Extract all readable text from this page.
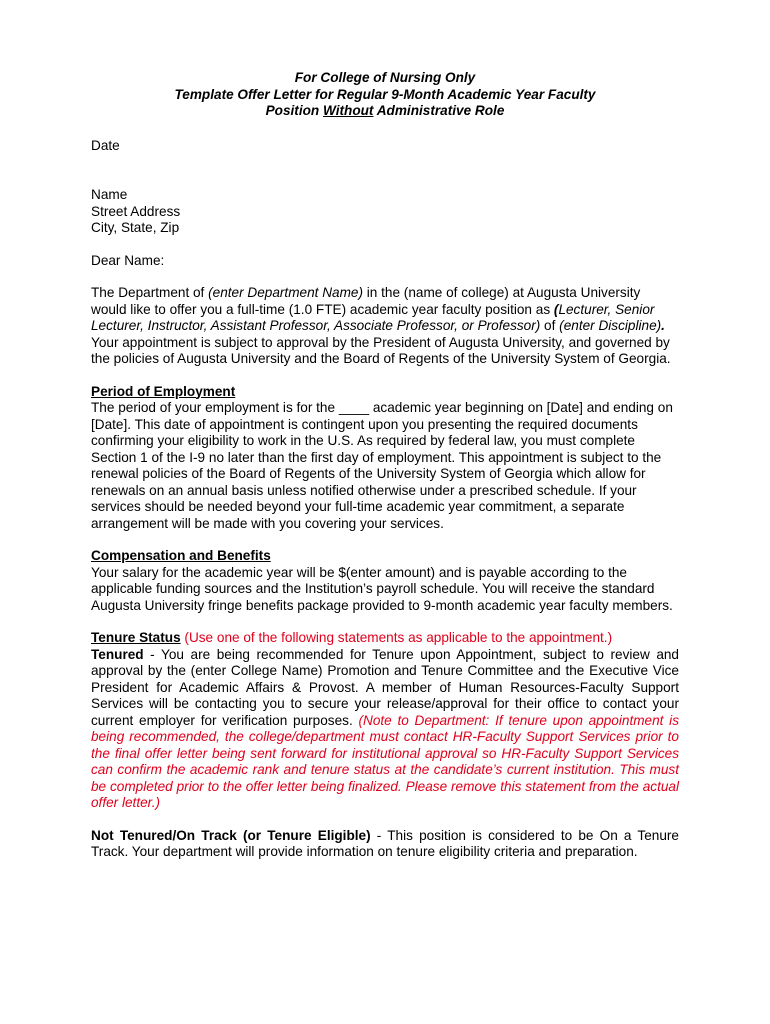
For College of Nursing Only
Template Offer Letter for Regular 9-Month Academic Year Faculty
Position Without Administrative Role

Date

Name
Street Address
City, State, Zip

Dear Name:

The Department of (enter Department Name) in the (name of college) at Augusta University would like to offer you a full-time (1.0 FTE) academic year faculty position as (Lecturer, Senior Lecturer, Instructor, Assistant Professor, Associate Professor, or Professor) of (enter Discipline). Your appointment is subject to approval by the President of Augusta University, and governed by the policies of Augusta University and the Board of Regents of the University System of Georgia.

Period of Employment

The period of your employment is for the ____ academic year beginning on [Date] and ending on [Date]. This date of appointment is contingent upon you presenting the required documents confirming your eligibility to work in the U.S. As required by federal law, you must complete Section 1 of the I-9 no later than the first day of employment. This appointment is subject to the renewal policies of the Board of Regents of the University System of Georgia which allow for renewals on an annual basis unless notified otherwise under a prescribed schedule. If your services should be needed beyond your full-time academic year commitment, a separate arrangement will be made with you covering your services.

Compensation and Benefits

Your salary for the academic year will be $(enter amount) and is payable according to the applicable funding sources and the Institution’s payroll schedule. You will receive the standard Augusta University fringe benefits package provided to 9-month academic year faculty members.

Tenure Status (Use one of the following statements as applicable to the appointment.)

Tenured - You are being recommended for Tenure upon Appointment, subject to review and approval by the (enter College Name) Promotion and Tenure Committee and the Executive Vice President for Academic Affairs & Provost. A member of Human Resources-Faculty Support Services will be contacting you to secure your release/approval for their office to contact your current employer for verification purposes. (Note to Department: If tenure upon appointment is being recommended, the college/department must contact HR-Faculty Support Services prior to the final offer letter being sent forward for institutional approval so HR-Faculty Support Services can confirm the academic rank and tenure status at the candidate’s current institution. This must be completed prior to the offer letter being finalized. Please remove this statement from the actual offer letter.)

Not Tenured/On Track (or Tenure Eligible) - This position is considered to be On a Tenure Track. Your department will provide information on tenure eligibility criteria and preparation.
